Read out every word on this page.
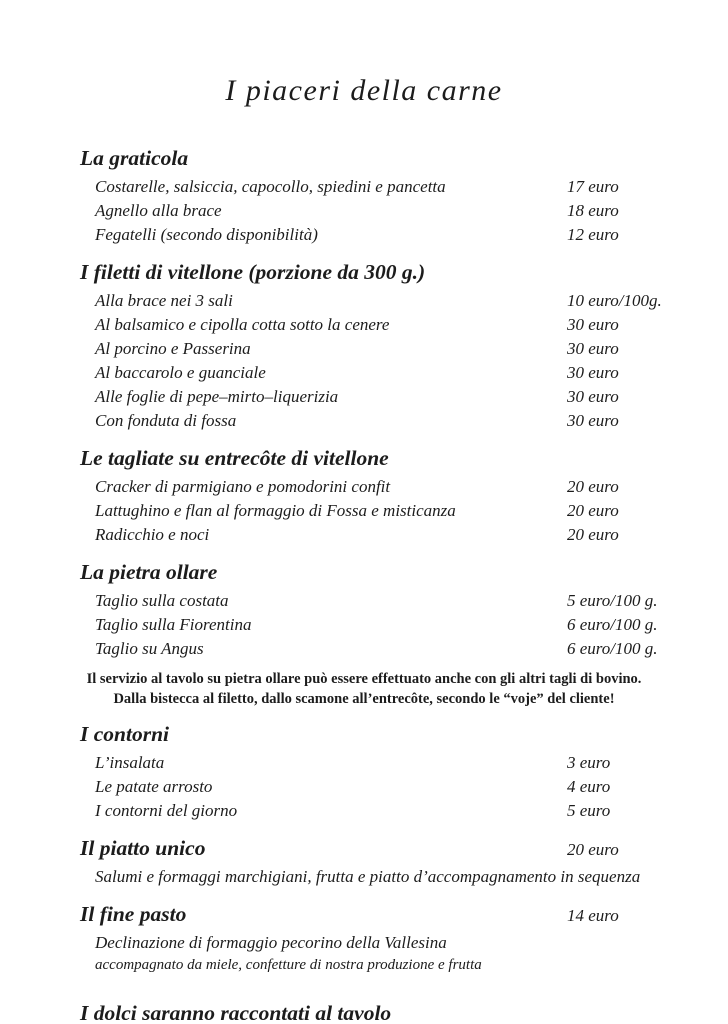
I piaceri della carne
La graticola
Costarelle, salsiccia, capocollo, spiedini e pancetta	17 euro
Agnello alla brace	18 euro
Fegatelli (secondo disponibilità)	12 euro
I filetti di vitellone (porzione da 300 g.)
Alla brace nei 3 sali	10 euro/100g.
Al balsamico e cipolla cotta sotto la cenere	30 euro
Al porcino e Passerina	30 euro
Al baccarolo e guanciale	30 euro
Alle foglie di pepe–mirto–liquerizia	30 euro
Con fonduta di fossa	30 euro
Le tagliate su entrecôte di vitellone
Cracker di parmigiano e pomodorini confit	20 euro
Lattughino e flan al formaggio di Fossa e misticanza	20 euro
Radicchio e noci	20 euro
La pietra ollare
Taglio sulla costata	5 euro/100 g.
Taglio sulla Fiorentina	6 euro/100 g.
Taglio su Angus	6 euro/100 g.
Il servizio al tavolo su pietra ollare può essere effettuato anche con gli altri tagli di bovino.
Dalla bistecca al filetto, dallo scamone all’entrecôte, secondo le “voje” del cliente!
I contorni
L’insalata	3 euro
Le patate arrosto	4 euro
I contorni del giorno	5 euro
Il piatto unico	20 euro
Salumi e formaggi marchigiani, frutta e piatto d’accompagnamento in sequenza
Il fine pasto	14 euro
Declinazione di formaggio pecorino della Vallesina
accompagnato da miele, confetture di nostra produzione e frutta
I dolci saranno raccontati al tavolo
